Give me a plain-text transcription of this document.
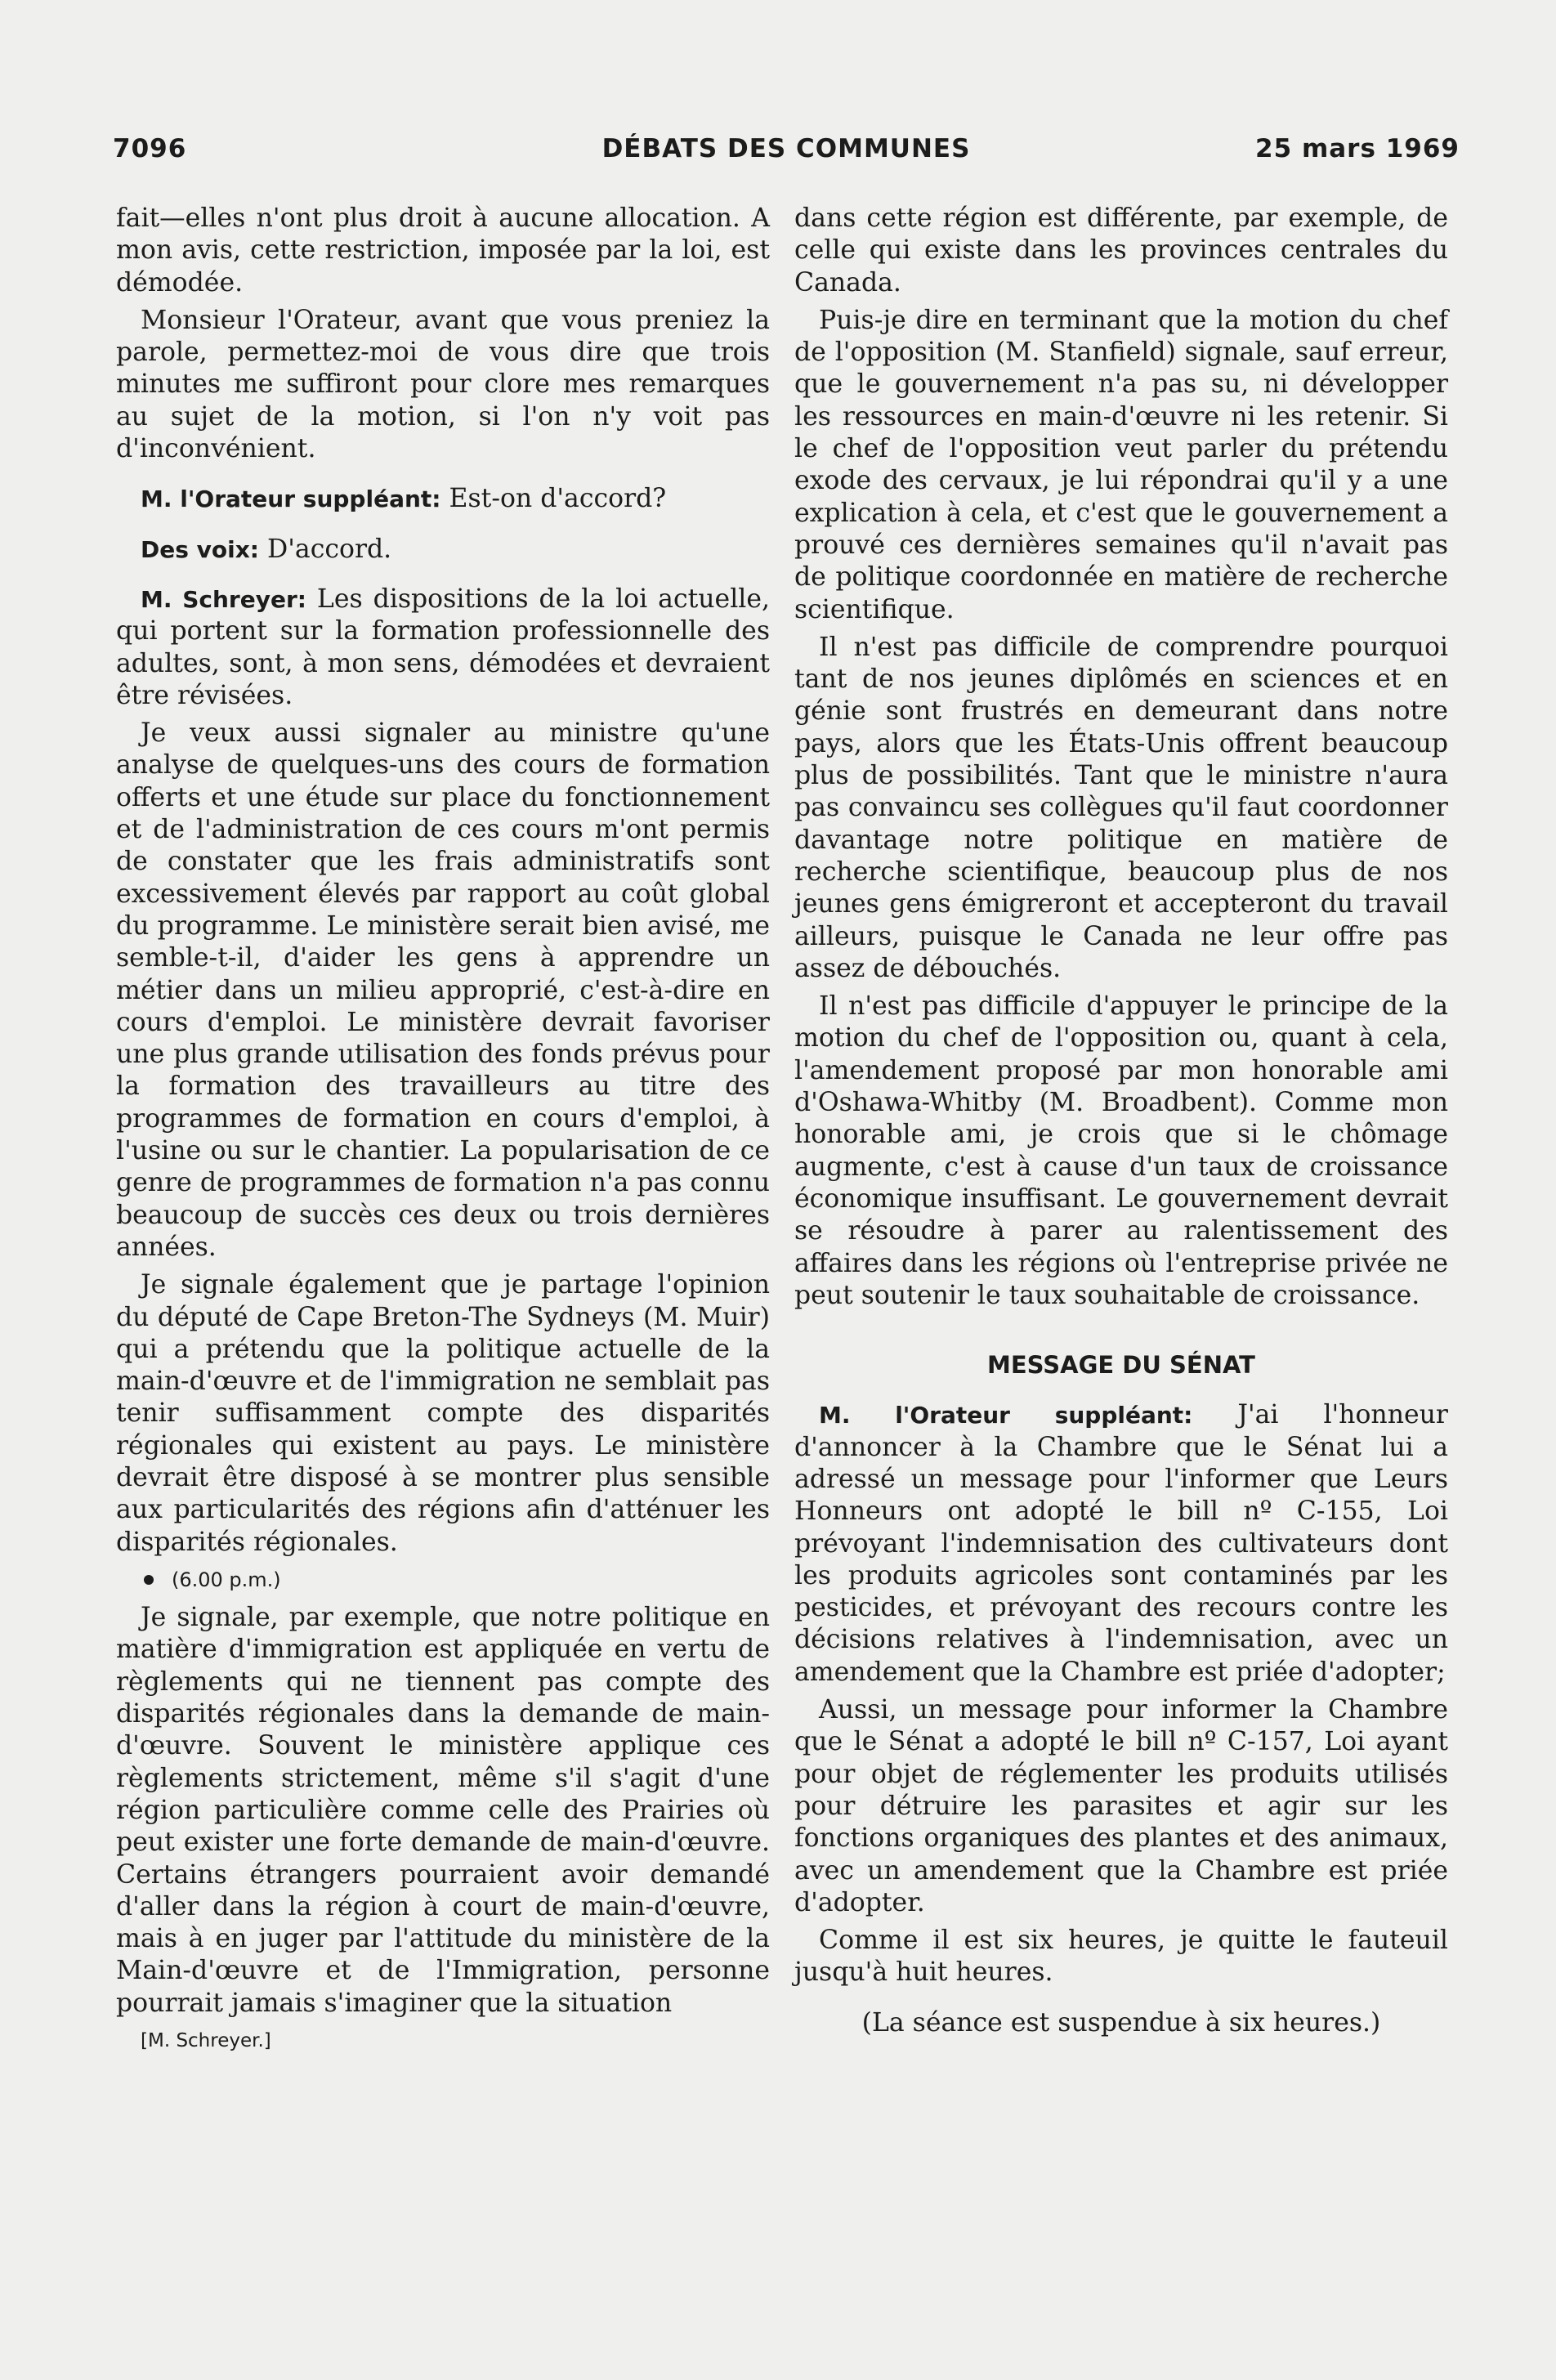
7096	DÉBATS DES COMMUNES	25 mars 1969

fait—elles n'ont plus droit à aucune allocation. A mon avis, cette restriction, imposée par la loi, est démodée.

Monsieur l'Orateur, avant que vous preniez la parole, permettez-moi de vous dire que trois minutes me suffiront pour clore mes remarques au sujet de la motion, si l'on n'y voit pas d'inconvénient.

M. l'Orateur suppléant: Est-on d'accord?

Des voix: D'accord.

M. Schreyer: Les dispositions de la loi actuelle, qui portent sur la formation professionnelle des adultes, sont, à mon sens, démodées et devraient être révisées.

Je veux aussi signaler au ministre qu'une analyse de quelques-uns des cours de formation offerts et une étude sur place du fonctionnement et de l'administration de ces cours m'ont permis de constater que les frais administratifs sont excessivement élevés par rapport au coût global du programme. Le ministère serait bien avisé, me semble-t-il, d'aider les gens à apprendre un métier dans un milieu approprié, c'est-à-dire en cours d'emploi. Le ministère devrait favoriser une plus grande utilisation des fonds prévus pour la formation des travailleurs au titre des programmes de formation en cours d'emploi, à l'usine ou sur le chantier. La popularisation de ce genre de programmes de formation n'a pas connu beaucoup de succès ces deux ou trois dernières années.

Je signale également que je partage l'opinion du député de Cape Breton-The Sydneys (M. Muir) qui a prétendu que la politique actuelle de la main-d'œuvre et de l'immigration ne semblait pas tenir suffisamment compte des disparités régionales qui existent au pays. Le ministère devrait être disposé à se montrer plus sensible aux particularités des régions afin d'atténuer les disparités régionales.

(6.00 p.m.)

Je signale, par exemple, que notre politique en matière d'immigration est appliquée en vertu de règlements qui ne tiennent pas compte des disparités régionales dans la demande de main-d'œuvre. Souvent le ministère applique ces règlements strictement, même s'il s'agit d'une région particulière comme celle des Prairies où peut exister une forte demande de main-d'œuvre. Certains étrangers pourraient avoir demandé d'aller dans la région à court de main-d'œuvre, mais à en juger par l'attitude du ministère de la Main-d'œuvre et de l'Immigration, personne pourrait jamais s'imaginer que la situation

[M. Schreyer.]

dans cette région est différente, par exemple, de celle qui existe dans les provinces centrales du Canada.

Puis-je dire en terminant que la motion du chef de l'opposition (M. Stanfield) signale, sauf erreur, que le gouvernement n'a pas su, ni développer les ressources en main-d'œuvre ni les retenir. Si le chef de l'opposition veut parler du prétendu exode des cervaux, je lui répondrai qu'il y a une explication à cela, et c'est que le gouvernement a prouvé ces dernières semaines qu'il n'avait pas de politique coordonnée en matière de recherche scientifique.

Il n'est pas difficile de comprendre pourquoi tant de nos jeunes diplômés en sciences et en génie sont frustrés en demeurant dans notre pays, alors que les États-Unis offrent beaucoup plus de possibilités. Tant que le ministre n'aura pas convaincu ses collègues qu'il faut coordonner davantage notre politique en matière de recherche scientifique, beaucoup plus de nos jeunes gens émigreront et accepteront du travail ailleurs, puisque le Canada ne leur offre pas assez de débouchés.

Il n'est pas difficile d'appuyer le principe de la motion du chef de l'opposition ou, quant à cela, l'amendement proposé par mon honorable ami d'Oshawa-Whitby (M. Broadbent). Comme mon honorable ami, je crois que si le chômage augmente, c'est à cause d'un taux de croissance économique insuffisant. Le gouvernement devrait se résoudre à parer au ralentissement des affaires dans les régions où l'entreprise privée ne peut soutenir le taux souhaitable de croissance.

MESSAGE DU SÉNAT

M. l'Orateur suppléant: J'ai l'honneur d'annoncer à la Chambre que le Sénat lui a adressé un message pour l'informer que Leurs Honneurs ont adopté le bill nº C-155, Loi prévoyant l'indemnisation des cultivateurs dont les produits agricoles sont contaminés par les pesticides, et prévoyant des recours contre les décisions relatives à l'indemnisation, avec un amendement que la Chambre est priée d'adopter;

Aussi, un message pour informer la Chambre que le Sénat a adopté le bill nº C-157, Loi ayant pour objet de réglementer les produits utilisés pour détruire les parasites et agir sur les fonctions organiques des plantes et des animaux, avec un amendement que la Chambre est priée d'adopter.

Comme il est six heures, je quitte le fauteuil jusqu'à huit heures.

(La séance est suspendue à six heures.)
